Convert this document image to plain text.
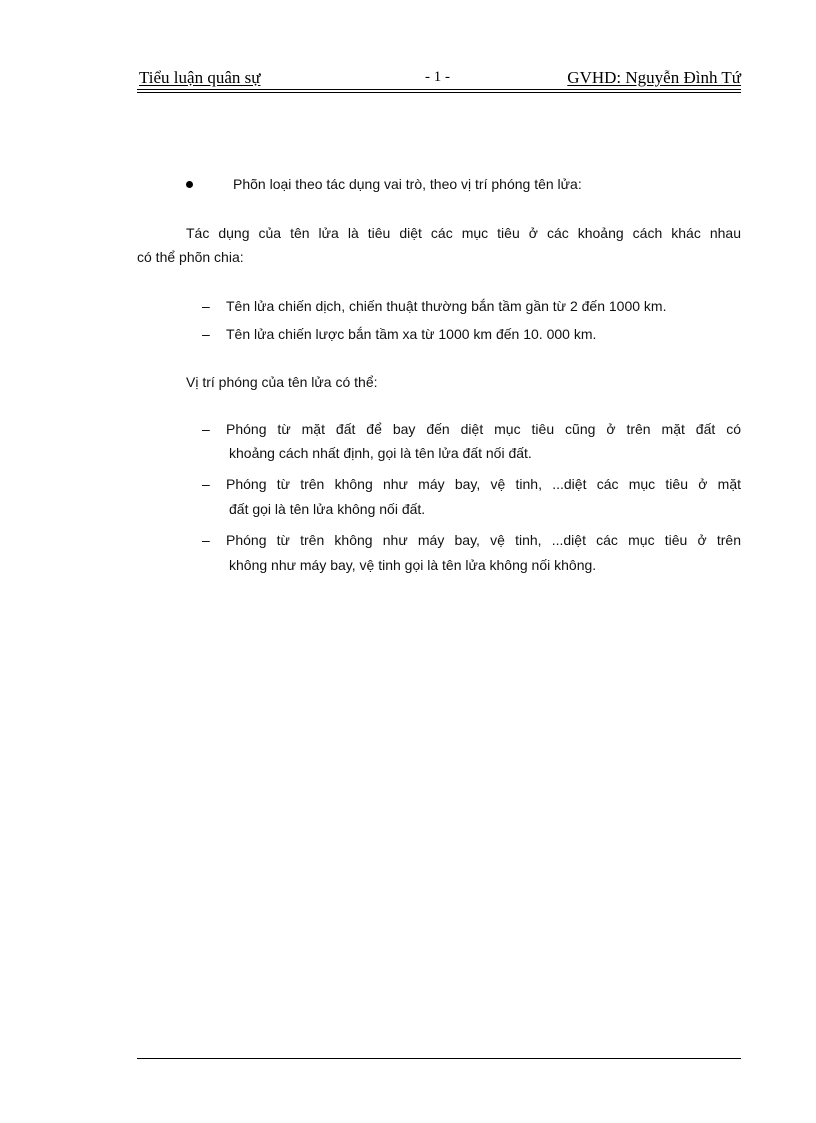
Tiểu luận quân sự	- 1 -	GVHD: Nguyễn Đình Tứ
Phõn loại theo tác dụng vai trò, theo vị trí phóng tên lửa:
Tác dụng của tên lửa là tiêu diệt các mục tiêu ở các khoảng cách khác nhau
có thể phõn chia:
– Tên lửa chiến dịch, chiến thuật thường bắn tầm gần từ 2 đến 1000 km.
– Tên lửa chiến lược bắn tầm xa từ 1000 km đến 10. 000 km.
Vị trí phóng của tên lửa có thể:
– Phóng từ mặt đất để bay đến diệt mục tiêu cũng ở trên mặt đất có
khoảng cách nhất định, gọi là tên lửa đất nối đất.
– Phóng từ trên không như máy bay, vệ tinh, ...diệt các mục tiêu ở mặt
đất gọi là tên lửa không nối đất.
– Phóng từ trên không như máy bay, vệ tinh, ...diệt các mục tiêu ở trên
không như máy bay, vệ tinh gọi là tên lửa không nối không.
